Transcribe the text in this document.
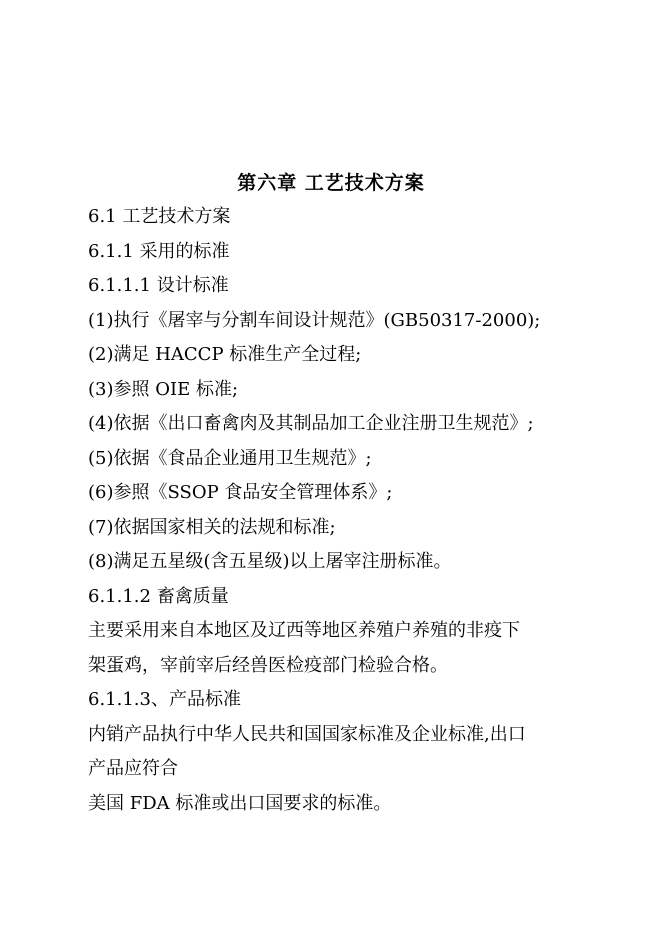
第六章 工艺技术方案
6.1 工艺技术方案
6.1.1 采用的标准
6.1.1.1 设计标准
(1)执行《屠宰与分割车间设计规范》(GB50317-2000);
(2)满足 HACCP 标准生产全过程;
(3)参照 OIE 标准;
(4)依据《出口畜禽肉及其制品加工企业注册卫生规范》;
(5)依据《食品企业通用卫生规范》;
(6)参照《SSOP 食品安全管理体系》;
(7)依据国家相关的法规和标准;
(8)满足五星级(含五星级)以上屠宰注册标准。
6.1.1.2 畜禽质量
主要采用来自本地区及辽西等地区养殖户养殖的非疫下
架蛋鸡，宰前宰后经兽医检疫部门检验合格。
6.1.1.3、产品标准
内销产品执行中华人民共和国国家标准及企业标准,出口
产品应符合
美国 FDA 标准或出口国要求的标准。
